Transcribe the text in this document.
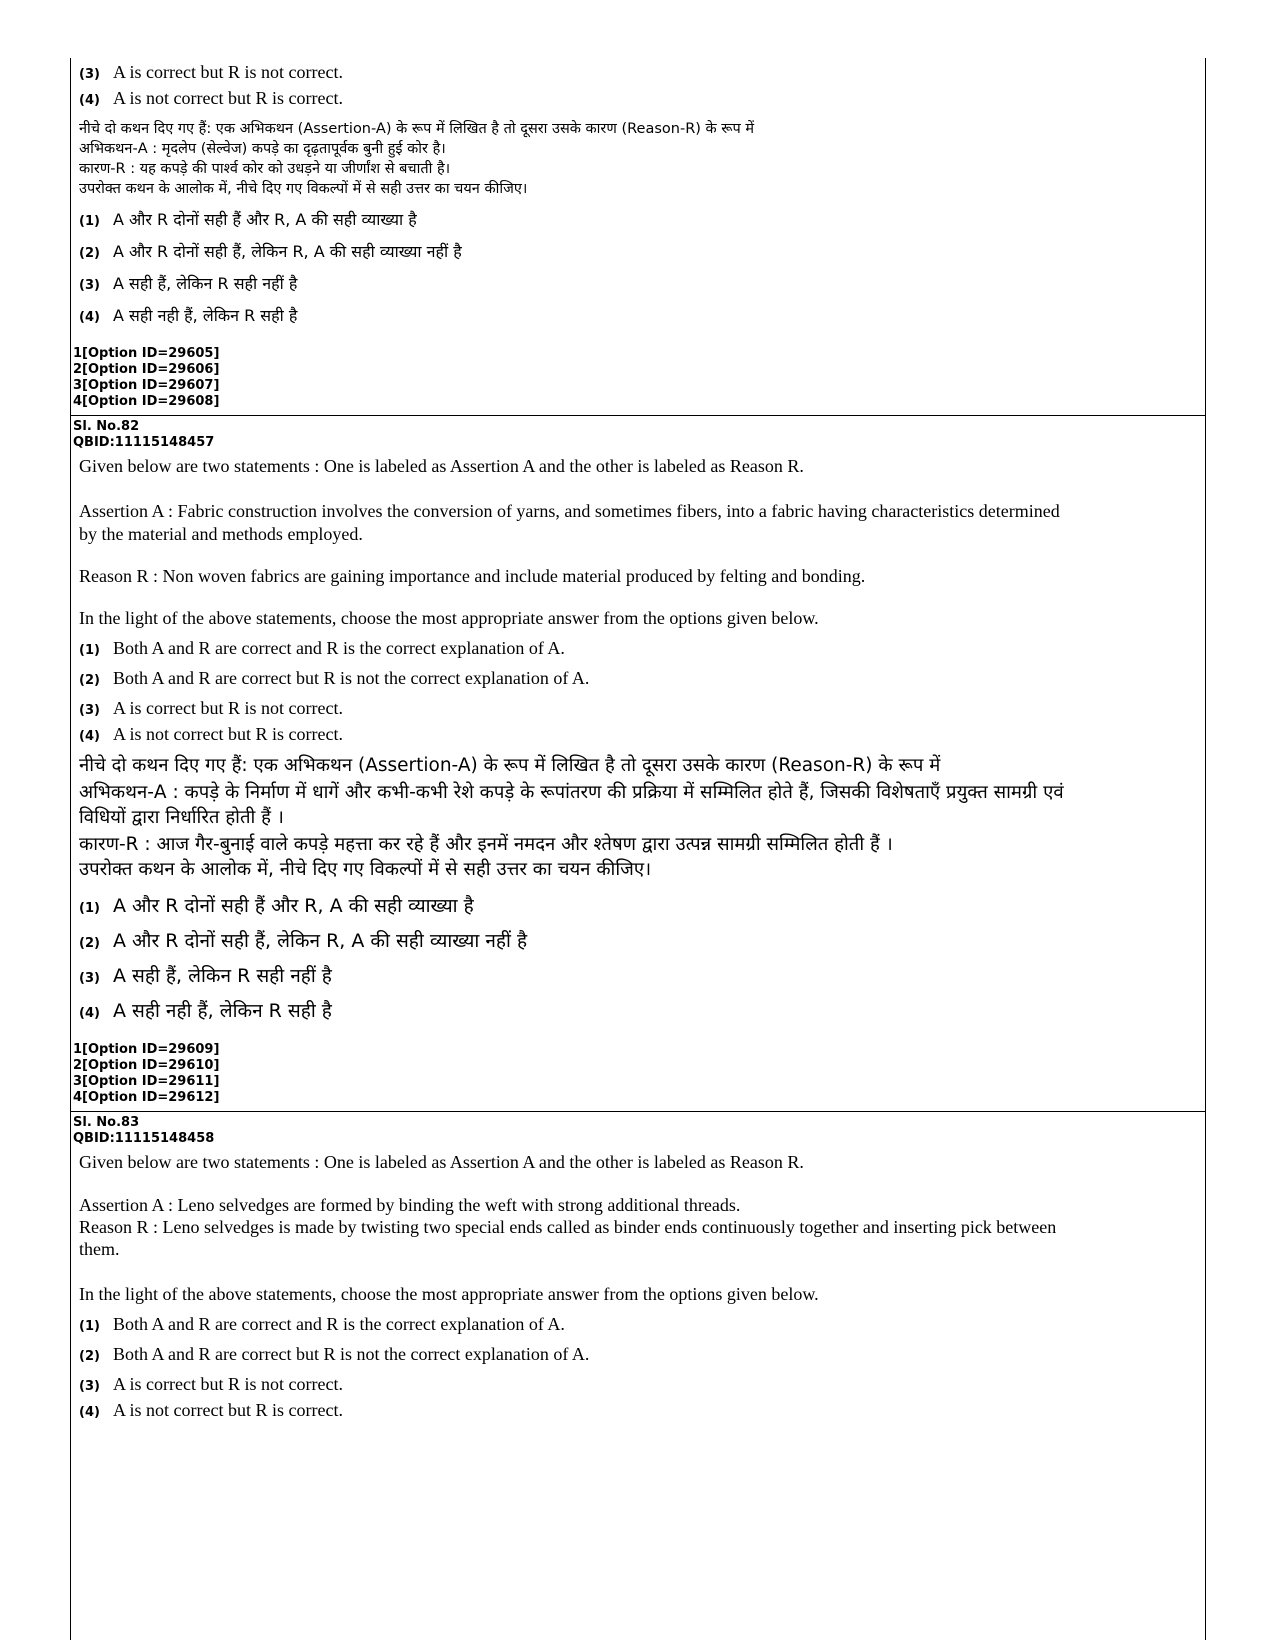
(3) A is correct but R is not correct.
(4) A is not correct but R is correct.
नीचे दो कथन दिए गए हैं: एक अभिकथन (Assertion-A) के रूप में लिखित है तो दूसरा उसके कारण (Reason-R) के रूप में
अभिकथन-A : मृदलेप (सेल्वेज) कपड़े का दृढ़तापूर्वक बुनी हुई कोर है।
कारण-R : यह कपड़े की पार्श्व कोर को उधड़ने या जीर्णांश से बचाती है।
उपरोक्त कथन के आलोक में, नीचे दिए गए विकल्पों में से सही उत्तर का चयन कीजिए।
(1) A और R दोनों सही हैं और R, A की सही व्याख्या है
(2) A और R दोनों सही हैं, लेकिन R, A की सही व्याख्या नहीं है
(3) A सही हैं, लेकिन R सही नहीं है
(4) A सही नही हैं, लेकिन R सही है
1[Option ID=29605]
2[Option ID=29606]
3[Option ID=29607]
4[Option ID=29608]
Sl. No.82
QBID:11115148457
Given below are two statements : One is labeled as Assertion A and the other is labeled as Reason R.
Assertion A : Fabric construction involves the conversion of yarns, and sometimes fibers, into a fabric having characteristics determined
by the material and methods employed.
Reason R : Non woven fabrics are gaining importance and include material produced by felting and bonding.
In the light of the above statements, choose the most appropriate answer from the options given below.
(1) Both A and R are correct and R is the correct explanation of A.
(2) Both A and R are correct but R is not the correct explanation of A.
(3) A is correct but R is not correct.
(4) A is not correct but R is correct.
नीचे दो कथन दिए गए हैं: एक अभिकथन (Assertion-A) के रूप में लिखित है तो दूसरा उसके कारण (Reason-R) के रूप में
अभिकथन-A : कपड़े के निर्माण में धागें और कभी-कभी रेशे कपड़े के रूपांतरण की प्रक्रिया में सम्मिलित होते हैं, जिसकी विशेषताएँ प्रयुक्त सामग्री एवं
विधियों द्वारा निर्धारित होती हैं ।
कारण-R : आज गैर-बुनाई वाले कपड़े महत्ता कर रहे हैं और इनमें नमदन और श्तेषण द्वारा उत्पन्न सामग्री सम्मिलित होती हैं ।
उपरोक्त कथन के आलोक में, नीचे दिए गए विकल्पों में से सही उत्तर का चयन कीजिए।
(1) A और R दोनों सही हैं और R, A की सही व्याख्या है
(2) A और R दोनों सही हैं, लेकिन R, A की सही व्याख्या नहीं है
(3) A सही हैं, लेकिन R सही नहीं है
(4) A सही नही हैं, लेकिन R सही है
1[Option ID=29609]
2[Option ID=29610]
3[Option ID=29611]
4[Option ID=29612]
Sl. No.83
QBID:11115148458
Given below are two statements : One is labeled as Assertion A and the other is labeled as Reason R.
Assertion A : Leno selvedges are formed by binding the weft with strong additional threads.
Reason R : Leno selvedges is made by twisting two special ends called as binder ends continuously together and inserting pick between
them.
In the light of the above statements, choose the most appropriate answer from the options given below.
(1) Both A and R are correct and R is the correct explanation of A.
(2) Both A and R are correct but R is not the correct explanation of A.
(3) A is correct but R is not correct.
(4) A is not correct but R is correct.
